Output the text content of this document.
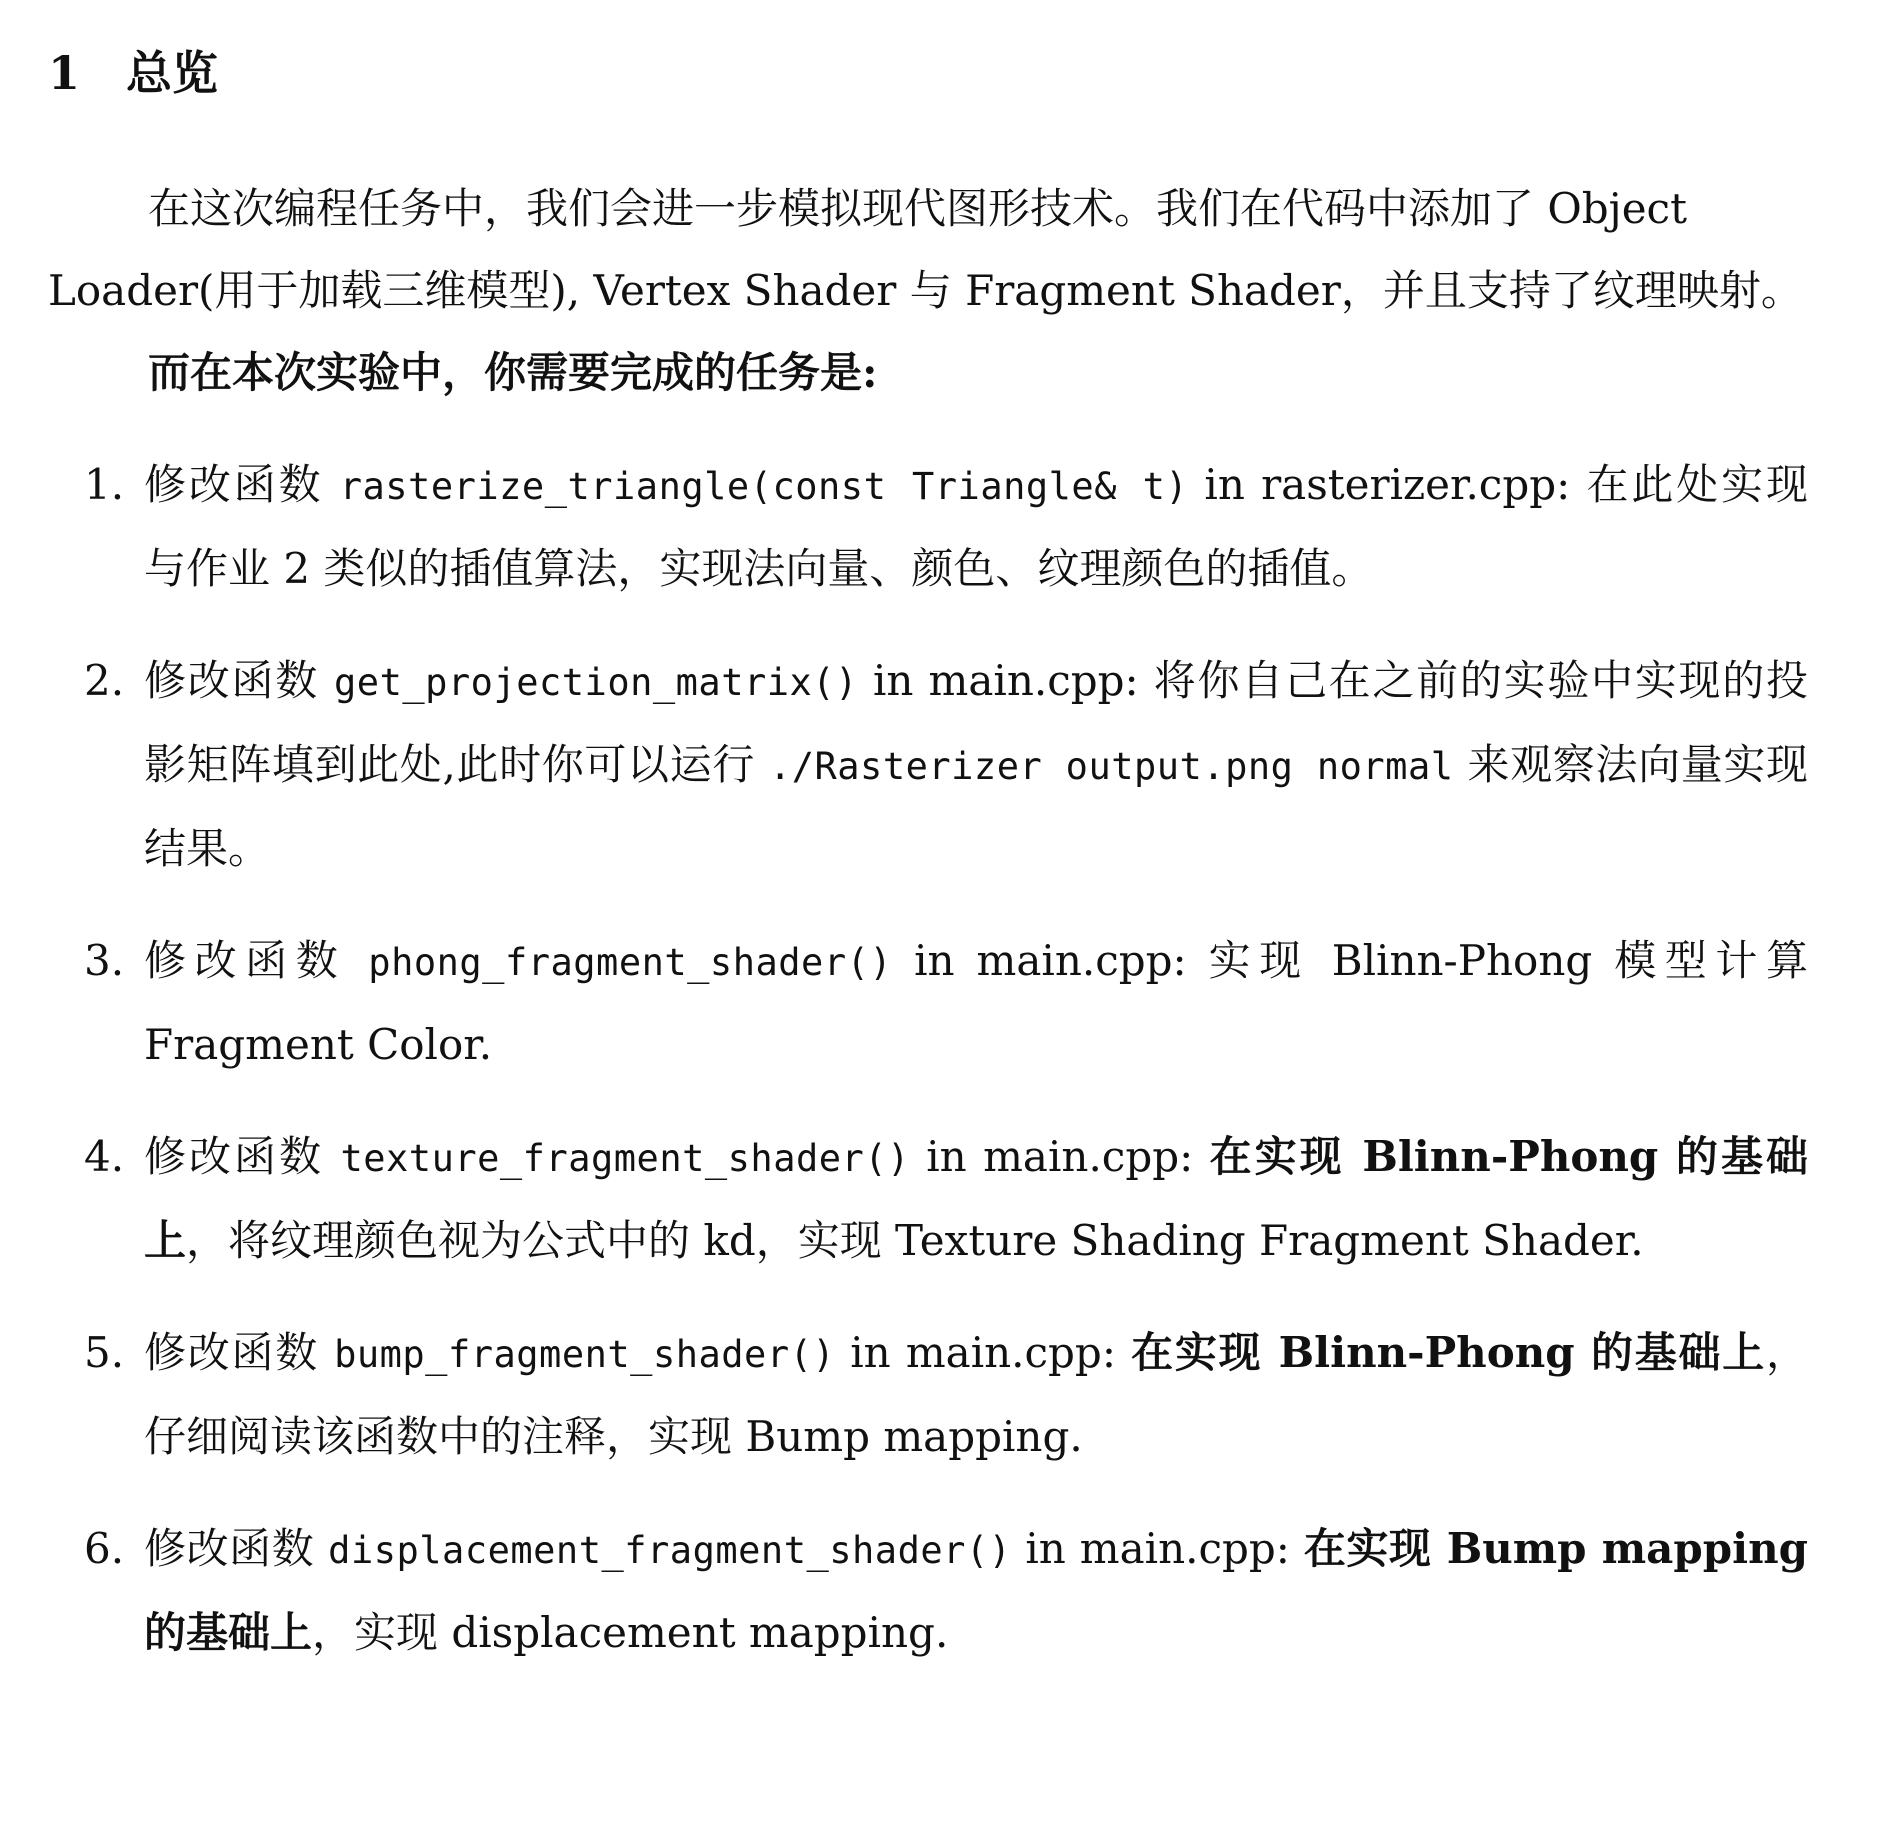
1 总览

在这次编程任务中，我们会进一步模拟现代图形技术。我们在代码中添加了 Object Loader(用于加载三维模型), Vertex Shader 与 Fragment Shader，并且支持了纹理映射。

而在本次实验中，你需要完成的任务是:

1. 修改函数 rasterize_triangle(const Triangle& t) in rasterizer.cpp: 在此处实现与作业 2 类似的插值算法，实现法向量、颜色、纹理颜色的插值。
2. 修改函数 get_projection_matrix() in main.cpp: 将你自己在之前的实验中实现的投影矩阵填到此处,此时你可以运行 ./Rasterizer output.png normal 来观察法向量实现结果。
3. 修改函数 phong_fragment_shader() in main.cpp: 实现 Blinn-Phong 模型计算 Fragment Color.
4. 修改函数 texture_fragment_shader() in main.cpp: 在实现 Blinn-Phong 的基础上，将纹理颜色视为公式中的 kd，实现 Texture Shading Fragment Shader.
5. 修改函数 bump_fragment_shader() in main.cpp: 在实现 Blinn-Phong 的基础上，仔细阅读该函数中的注释，实现 Bump mapping.
6. 修改函数 displacement_fragment_shader() in main.cpp: 在实现 Bump mapping 的基础上，实现 displacement mapping.
